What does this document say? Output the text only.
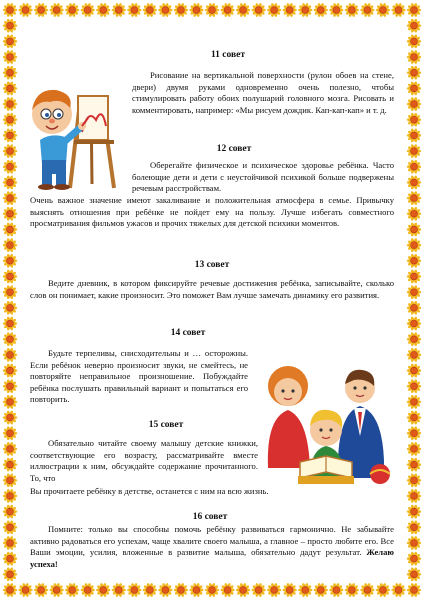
11 совет
Рисование на вертикальной поверхности (рулон обоев на стене, двери) двумя руками одновременно очень полезно, чтобы стимулировать работу обоих полушарий головного мозга. Рисовать и комментировать, например: «Мы рисуем дождик. Кап-кап-кап» и т. д.
12 совет
Оберегайте физическое и психическое здоровье ребёнка. Часто болеющие дети и дети с неустойчивой психикой больше подвержены речевым расстройствам.
Очень важное значение имеют закаливание и положительная атмосфера в семье. Привычку выяснять отношения при ребёнке не пойдет ему на пользу. Лучше избегать совместного просматривания фильмов ужасов и прочих тяжелых для детской психики моментов.
13 совет
Ведите дневник, в котором фиксируйте речевые достижения ребёнка, записывайте, сколько слов он понимает, какие произносит. Это поможет Вам лучше замечать динамику его развития.
14 совет
Будьте терпеливы, снисходительны и … осторожны. Если ребёнок неверно произносит звуки, не смейтесь, не повторяйте неправильное произношение. Побуждайте ребёнка послушать правильный вариант и попытаться его повторить.
15 совет
Обязательно читайте своему малышу детские книжки, соответствующие его возрасту, рассматривайте вместе иллюстрации к ним, обсуждайте содержание прочитанного. То, что
Вы прочитаете ребёнку в детстве, останется с ним на всю жизнь.
16 совет
Помните: только вы способны помочь ребёнку развиваться гармонично. Не забывайте активно радоваться его успехам, чаще хвалите своего малыша, а главное – просто любите его. Все Ваши эмоции, усилия, вложенные в развитие малыша, обязательно дадут результат. Желаю успеха!
